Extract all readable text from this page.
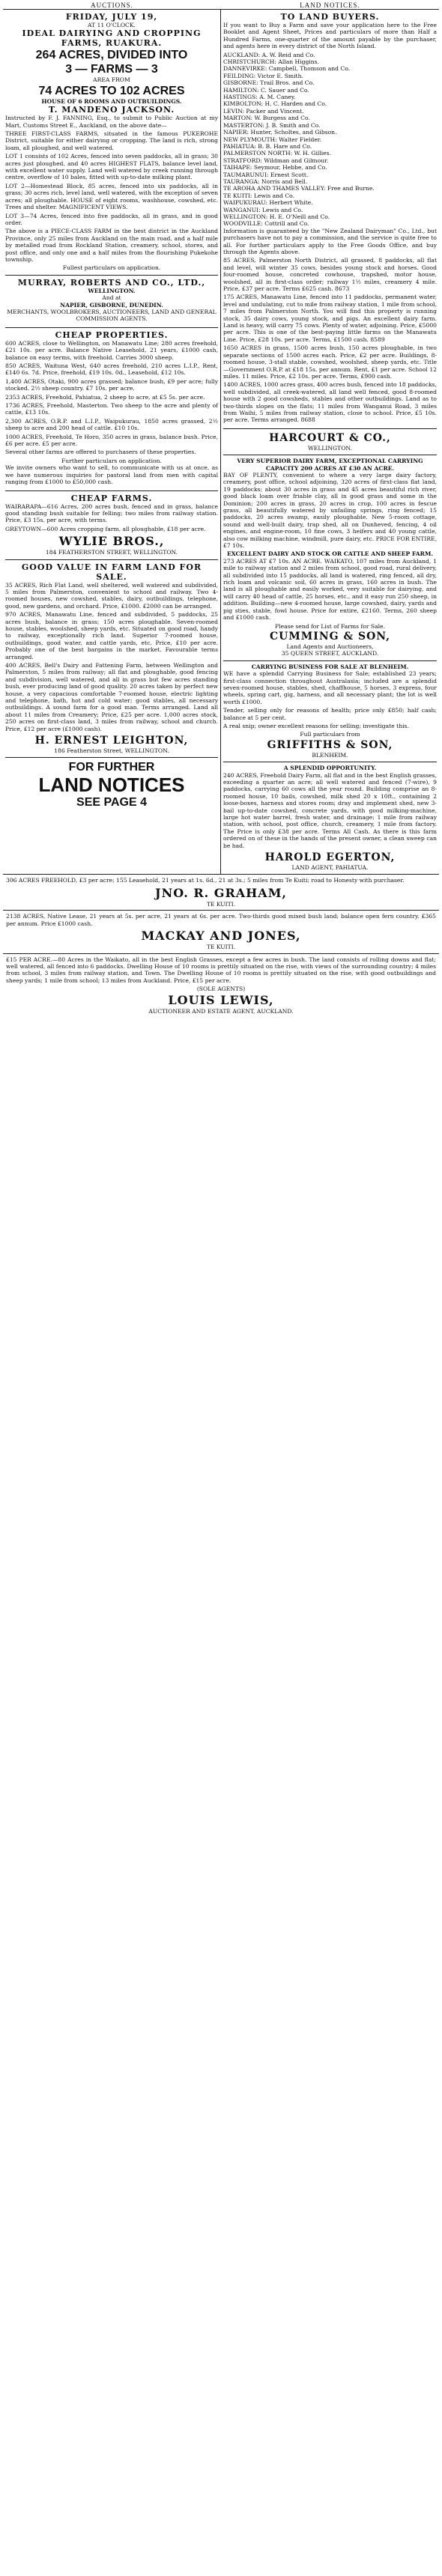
AUCTIONS.	LAND NOTICES.
FRIDAY, JULY 19,
AT 11 O'CLOCK.
IDEAL DAIRYING AND CROPPING FARMS, RUAKURA.
264 ACRES, DIVIDED INTO
3 — FARMS — 3
AREA FROM
74 ACRES TO 102 ACRES
HOUSE OF 6 ROOMS AND OUTBUILDINGS.
T. MANDENO JACKSON.

Instructed by F. J. FANNING, Esq., to submit to Public Auction at my Mart, Customs Street E., Auckland, on the above date—

THREE FIRST-CLASS FARMS, situated in the famous PUKEROHE District, suitable for either dairying or cropping. The land is rich, strong loam, all ploughed, and well watered.

LOT 1 consists of 102 Acres, fenced into seven paddocks, all in grass; 30 acres just ploughed, and 40 acres HIGHEST FLATS, balance level land, with excellent water supply. Land well watered by creek running through centre, overflow of 10 bales, fitted with up-to-date milking plant.

LOT 2—Homestead Block, 85 acres, fenced into six paddocks, all in grass; 30 acres rich, level land, well watered, with the exception of seven acres; all ploughable. HOUSE of eight rooms, washhouse, cowshed, etc. Trees and shelter. MAGNIFICENT VIEWS.

LOT 3—74 Acres, fenced into five paddocks, all in grass, and in good order.

The above is a PIECE-CLASS FARM in the best district in the Auckland Province, only 25 miles from Auckland on the main road, and a half mile by metalled road from Rockland Station, creamery, school, stores, and post office, and only one and a half miles from the flourishing Pukekohe township.

Fullest particulars on application.
MURRAY, ROBERTS AND CO., LTD.,
WELLINGTON.
And at
NAPIER, GISBORNE, DUNEDIN.

MERCHANTS, WOOLBROKERS, AUCTIONEERS, LAND AND GENERAL COMMISSION AGENTS.

CHEAP PROPERTIES.

600 ACRES, close to Wellington, on Manawatu Line; 280 acres freehold, £21 10s. per acre. Balance Native Leasehold, 21 years, £1000 cash, balance on easy terms, with freehold. Carries 3000 sheep.

850 ACRES, Waituna West, 640 acres freehold, 210 acres L.I.P., Rent, £140 6s. 7d. Price, freehold, £19 10s. 0d., Leasehold, £12 10s.

1,400 ACRES, Otaki, 900 acres grassed; balance bush, £9 per acre; fully stocked. 2½ sheep country. £7 10s. per acre.

2353 ACRES, Freehold, Pahiatua, 2 sheep to acre, at £5 5s. per acre.

1736 ACRES, Freehold, Masterton. Two sheep to the acre and plenty of cattle, £13 10s.

2,300 ACRES, O.R.P. and L.I.P., Waipukurau, 1850 acres grassed, 2½ sheep to acre and 200 head of cattle. £10 10s.

1000 ACRES, Freehold, Te Horo, 350 acres in grass, balance bush. Price, £6 per acre. £5 per acre.

Several other farms are offered to purchasers of these properties.

Further particulars on application.

We invite owners who want to sell, to communicate with us at once, as we have numerous inquiries for pastoral land from men with capital ranging from £1000 to £50,000 cash.

CHEAP FARMS.

WAIRARAPA—616 Acres, 200 acres bush, fenced and in grass, balance good standing bush suitable for felling; two miles from railway station. Price, £3 15s. per acre, with terms.

GREYTOWN—600 Acres cropping farm, all ploughable, £18 per acre.

WYLIE BROS.,
184 FEATHERSTON STREET, WELLINGTON.
GOOD VALUE IN FARM LAND FOR SALE.

35 ACRES, Rich Flat Land, well sheltered, well watered and subdivided, 5 miles from Palmerston, convenient to school and railway. Two 4-roomed houses, new cowshed, stables, dairy, outbuildings, telephone, good, new gardens, and orchard. Price, £1000. £2000 can be arranged.

970 ACRES, Manawatu Line, fenced and subdivided, 5 paddocks, 25 acres bush, balance in grass; 150 acres ploughable. Seven-roomed house, stables, woolshed, sheep yards, etc. Situated on good road, handy to railway, exceptionally rich land. Superior 7-roomed house, outbuildings, good water, and cattle yards, etc. Price, £10 per acre. Probably one of the best bargains in the market. Favourable terms arranged.

400 ACRES, Bell's Dairy and Fattening Farm, between Wellington and Palmerston, 5 miles from railway; all flat and ploughable, good fencing and subdivision, well watered, and all in grass but few acres standing bush, ever producing land of good quality. 20 acres taken by perfect new house, a very capacious comfortable 7-roomed house, electric lighting and telephone, bath, hot and cold water; good stables, all necessary outbuildings. A sound farm for a good man. Terms arranged. Land all about 11 miles from Creamery; Price, £25 per acre. 1,000 acres stock, 250 acres on first-class land, 3 miles from railway, school and church. Price, £12 per acre (£1000 cash).

H. ERNEST LEIGHTON,
186 Featherston Street, WELLINGTON.
FOR FURTHER
LAND NOTICES
SEE PAGE 4
TO LAND BUYERS.

If you want to Buy a Farm and save your application here to the Free Booklet and Agent Sheet, Prices and particulars of more than Half a Hundred Farms, one-quarter of the amount payable by the purchaser, and agents here in every district of the North Island.

AUCKLAND: A. W. Reid and Co.
CHRISTCHURCH: Allan Higgins.
DANNEVIRKE: Campbell, Thomson and Co.
FEILDING: Victor E. Smith.
GISBORNE: Trail Bros. and Co.
HAMILTON: C. Sauer and Co.
HASTINGS: A. M. Caney.
KIMBOLTON: H. C. Harden and Co.
LEVIN: Packer and Vincent.
MARTON: W. Burgess and Co.
MASTERTON: J. B. Smith and Co.
NAPIER: Hunter, Scholtes, and Gibson.
NEW PLYMOUTH: Walter Fielder.
PAHIATUA: B. B. Hare and Co.
PALMERSTON NORTH: W. H. Gillies.
STRATFORD: Wildman and Gilmour.
TAIHAPE: Seymour, Hebbe, and Co.
TAUMARUNUI: Ernest Scott.
TAURANGA: Norris and Bell.
TE AROHA AND THAMES VALLEY: Free and Burne.
TE KUITI: Lewis and Co.
WAIPUKURAU: Herbert White.
WANGANUI: Lewis and Co.
WELLINGTON: H. E. O'Neill and Co.
WOODVILLE: Cottrill and Co.

Information is guaranteed by the "New Zealand Dairyman" Co., Ltd., but purchasers have not to pay a commission, and the service is quite free to all. For further particulars apply to the Free Goods Office, and buy through the Agents above.

85 ACRES, Palmerston North District, all grassed, 8 paddocks, all flat and level, will winter 35 cows, besides young stock and horses. Good four-roomed house, concreted cowhouse, trapshed, motor house, woolshed, all in first-class order; railway 1½ miles, creamery 4 mile. Price, £37 per acre. Terms £625 cash. 8673

175 ACRES, Manawatu Line, fenced into 11 paddocks, permanent water, level and undulating, cut to mile from railway station, 1 mile from school, 7 miles from Palmerston North. You will find this property is running stock, 35 dairy cows, young stock, and pigs. An excellent dairy farm. Land is heavy, will carry 75 cows. Plenty of water, adjoining. Price, £5000 per acre. This is one of the best-paying little farms on the Manawatu Line. Price, £28 10s. per acre. Terms, £1500 cash. 8589

1650 ACRES in grass, 1500 acres bush, 150 acres ploughable, in two separate sections of 1500 acres each. Price, £2 per acre. Buildings, 8-roomed house, 3-stall stable, cowshed, woolshed, sheep yards, etc. Title—Government O.R.P. at £18 15s. per annum. Rent, £1 per acre. School 12 miles. 11 miles. Price, £2 10s. per acre. Terms, £900 cash.

1400 ACRES, 1000 acres grass, 400 acres bush, fenced into 18 paddocks, well subdivided, all creek-watered, all land well fenced, good 8-roomed house with 2 good cowsheds, stables and other outbuildings. Land as to two-thirds slopes on the flats; 11 miles from Wanganui Road, 3 miles from Waihi, 5 miles from railway station, close to school. Price, £5 10s. per acre. Terms arranged. 8688

HARCOURT & CO.,
WELLINGTON.
VERY SUPERIOR DAIRY FARM, EXCEPTIONAL CARRYING CAPACITY 200 ACRES AT £30 AN ACRE.

BAY OF PLENTY, convenient to where a very large dairy factory, creamery, post office, school adjoining, 320 acres of first-class flat land, 19 paddocks; about 30 acres in grass and 45 acres beautiful rich river, good black loam over friable clay, all in good grass and some in the Dominion; 200 acres in grass, 20 acres in crop, 100 acres in fescue grass, all beautifully watered by unfailing springs, ring fenced; 15 paddocks, 20 acres swamp, easily ploughable. New 5-room cottage, sound and well-built dairy, trap shed, all on Dunheved, fencing, 4 oil engines, and engine-room, 10 fine cows, 3 heifers and 40 young cattle, also cow milking machine, windmill, pure dairy, etc. PRICE FOR ENTIRE, £7 10s.

EXCELLENT DAIRY AND STOCK OR CATTLE AND SHEEP FARM.

273 ACRES AT £7 10s. AN ACRE. WAIKATO, 107 miles from Auckland, 1 mile to railway station and 2 miles from school, good road, rural delivery, all subdivided into 15 paddocks, all land is watered, ring fenced, all dry, rich loam and volcanic soil, 60 acres in grass, 160 acres in bush. The land is all ploughable and easily worked, very suitable for dairying, and will carry 40 head of cattle, 25 horses, etc., and it easy run 250 sheep, in addition. Building—new 4-roomed house, large cowshed, dairy, yards and pig sties, stable, fowl house. Price for entire, £2160. Terms, 260 sheep and £1000 cash.

Please send for List of Farms for Sale.
CUMMING & SON,
Land Agents and Auctioneers,
35 QUEEN STREET, AUCKLAND.
CARRYING BUSINESS FOR SALE AT BLENHEIM.

WE have a splendid Carrying Business for Sale; established 23 years; first-class connection throughout Australasia; included are a splendid seven-roomed house, stables, shed, chaffhouse, 5 horses, 3 express, four wheels, spring cart, gig, harness, and all necessary plant; the lot is well worth £1000.

Tender, selling only for reasons of health; price only £850; half cash; balance at 5 per cent.

A real snip; owner excellent reasons for selling; investigate this.

Full particulars from
GRIFFITHS & SON,
BLENHEIM.
A SPLENDID OPPORTUNITY.

240 ACRES, Freehold Dairy Farm, all flat and in the best English grasses, exceeding a quarter an acre; all well watered and fenced (7-wire), 9 paddocks, carrying 60 cows all the year round. Building comprise an 8-roomed house, 10 bails, cowshed, milk shed 20 x 10ft., containing 2 loose-boxes, harness and stores room; dray and implement shed, new 3-bail up-to-date cowshed, concrete yards, with good milking-machine, large hot water barrel, fresh water, and drainage; 1 mile from railway station, with school, post office, church, creamery, 1 mile from factory. The Price is only £38 per acre. Terms All Cash. As there is this farm ordered on of these in the hands of the present owner, a clean sweep can be had.

HAROLD EGERTON,
LAND AGENT, PAHIATUA.

306 ACRES FREEHOLD, £3 per acre; 155 Leasehold, 21 years at 1s. 6d., 21 at 3s.; 5 miles from Te Kuiti; road to Honesty with purchaser.

JNO. R. GRAHAM,
TE KUITI.

2138 ACRES, Native Lease, 21 years at 5s. per acre, 21 years at 6s. per acre. Two-thirds good mixed bush land; balance open fern country. £365 per annum. Price £1000 cash.

MACKAY AND JONES,
TE KUITI.

£15 PER ACRE.—80 Acres in the Waikato, all in the best English Grasses, except a few acres in bush. The land consists of rolling downs and flat; well watered, all fenced into 6 paddocks. Dwelling House of 10 rooms is prettily situated on the rise, with views of the surrounding country; 4 miles from school, 3 miles from railway station, and Town. The Dwelling House of 10 rooms is prettily situated on the rise, with good outbuildings and sheep yards; 1 mile from school; 13 miles from Auckland. Price, £15 per acre.

(SOLE AGENTS)
LOUIS LEWIS,
AUCTIONEER AND ESTATE AGENT, AUCKLAND.
